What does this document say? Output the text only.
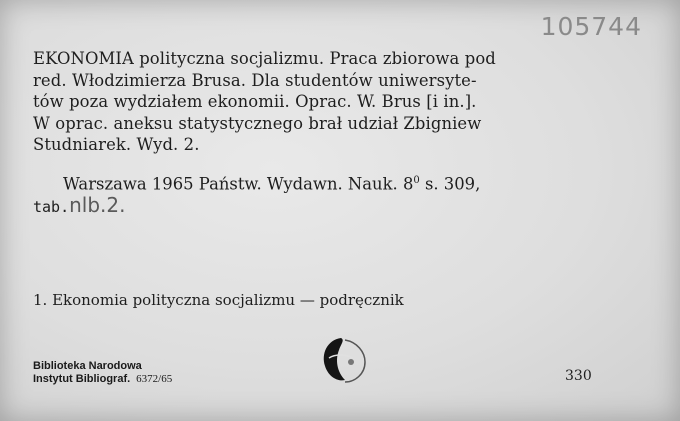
105744
EKONOMIA polityczna socjalizmu. Praca zbiorowa pod
red. Włodzimierza Brusa. Dla studentów uniwersyte-
tów poza wydziałem ekonomii. Oprac. W. Brus [i in.].
W oprac. aneksu statystycznego brał udział Zbigniew
Studniarek. Wyd. 2.
Warszawa 1965 Państw. Wydawn. Nauk. $8^0$ s. 309,
tab.nlb.2.
1. Ekonomia polityczna socjalizmu — podręcznik
Biblioteka Narodowa
Instytut Bibliograf. 6372/65	330
